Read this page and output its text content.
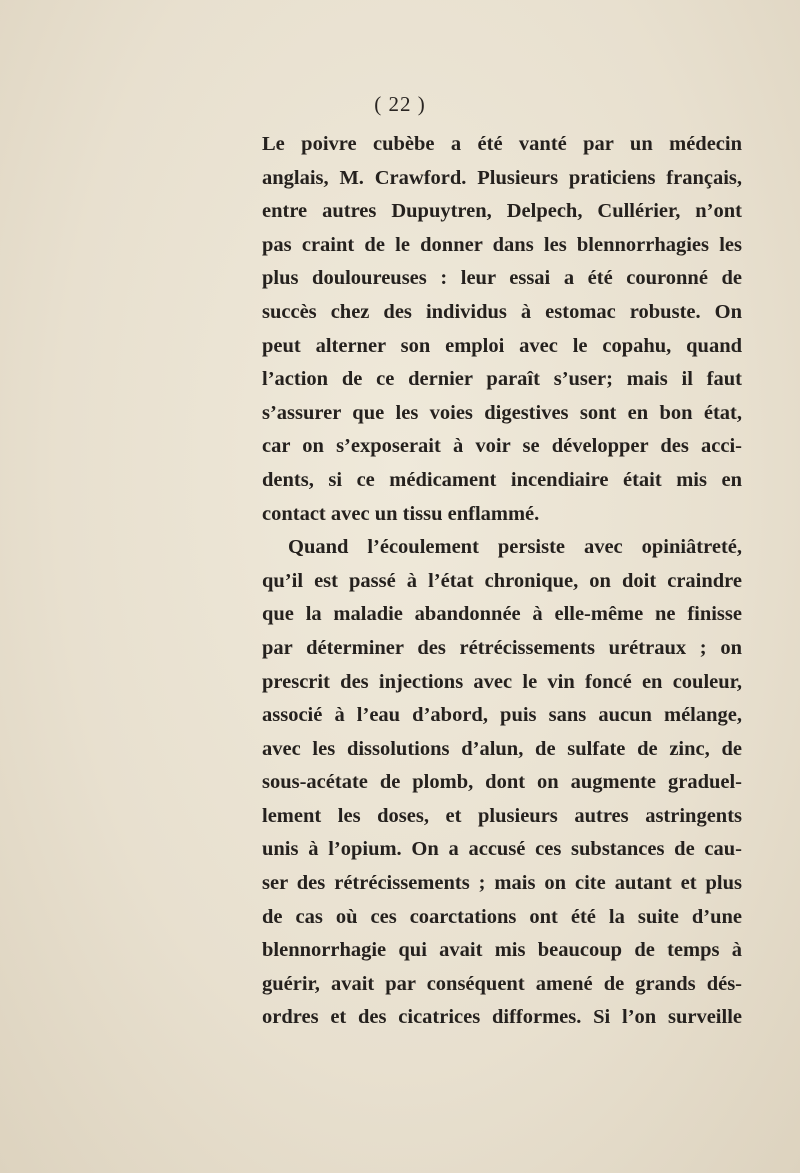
( 22 )
Le poivre cubèbe a été vanté par un médecin
anglais, M. Crawford. Plusieurs praticiens français,
entre autres Dupuytren, Delpech, Cullérier, n’ont
pas craint de le donner dans les blennorrhagies les
plus douloureuses : leur essai a été couronné de
succès chez des individus à estomac robuste. On
peut alterner son emploi avec le copahu, quand
l’action de ce dernier paraît s’user; mais il faut
s’assurer que les voies digestives sont en bon état,
car on s’exposerait à voir se développer des acci-
dents, si ce médicament incendiaire était mis en
contact avec un tissu enflammé.
Quand l’écoulement persiste avec opiniâtreté,
qu’il est passé à l’état chronique, on doit craindre
que la maladie abandonnée à elle-même ne finisse
par déterminer des rétrécissements urétraux ; on
prescrit des injections avec le vin foncé en couleur,
associé à l’eau d’abord, puis sans aucun mélange,
avec les dissolutions d’alun, de sulfate de zinc, de
sous-acétate de plomb, dont on augmente graduel-
lement les doses, et plusieurs autres astringents
unis à l’opium. On a accusé ces substances de cau-
ser des rétrécissements ; mais on cite autant et plus
de cas où ces coarctations ont été la suite d’une
blennorrhagie qui avait mis beaucoup de temps à
guérir, avait par conséquent amené de grands dés-
ordres et des cicatrices difformes. Si l’on surveille
